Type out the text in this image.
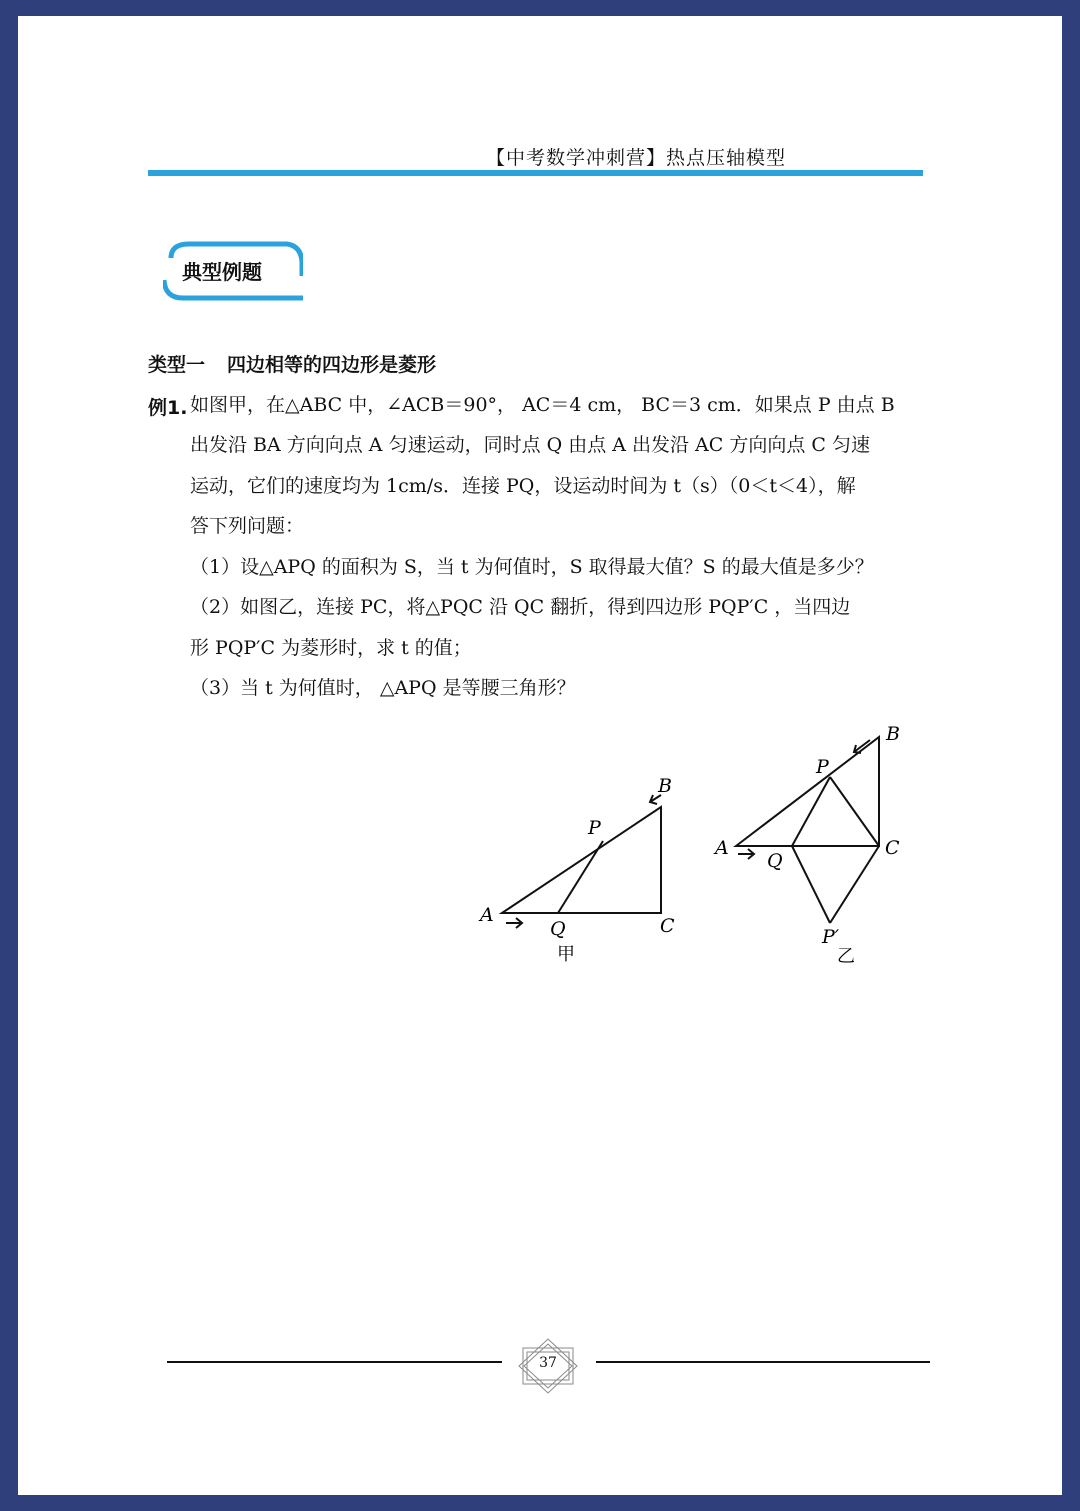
【中考数学冲刺营】热点压轴模型
典型例题
类型一 四边相等的四边形是菱形
例1. 如图甲，在△ABC 中，∠ACB＝90°， AC＝4 cm， BC＝3 cm．如果点 P 由点 B
出发沿 BA 方向向点 A 匀速运动，同时点 Q 由点 A 出发沿 AC 方向向点 C 匀速
运动，它们的速度均为 1cm/s．连接 PQ，设运动时间为 t（s）（0＜t＜4），解
答下列问题：
（1）设△APQ 的面积为 S，当 t 为何值时，S 取得最大值？S 的最大值是多少？
（2）如图乙，连接 PC，将△PQC 沿 QC 翻折，得到四边形 PQP′C ，当四边
形 PQP′C 为菱形时，求 t 的值；
（3）当 t 为何值时， △APQ 是等腰三角形？
A
B
C
P
Q
甲
A
B
C
P
Q
P′
乙
37
